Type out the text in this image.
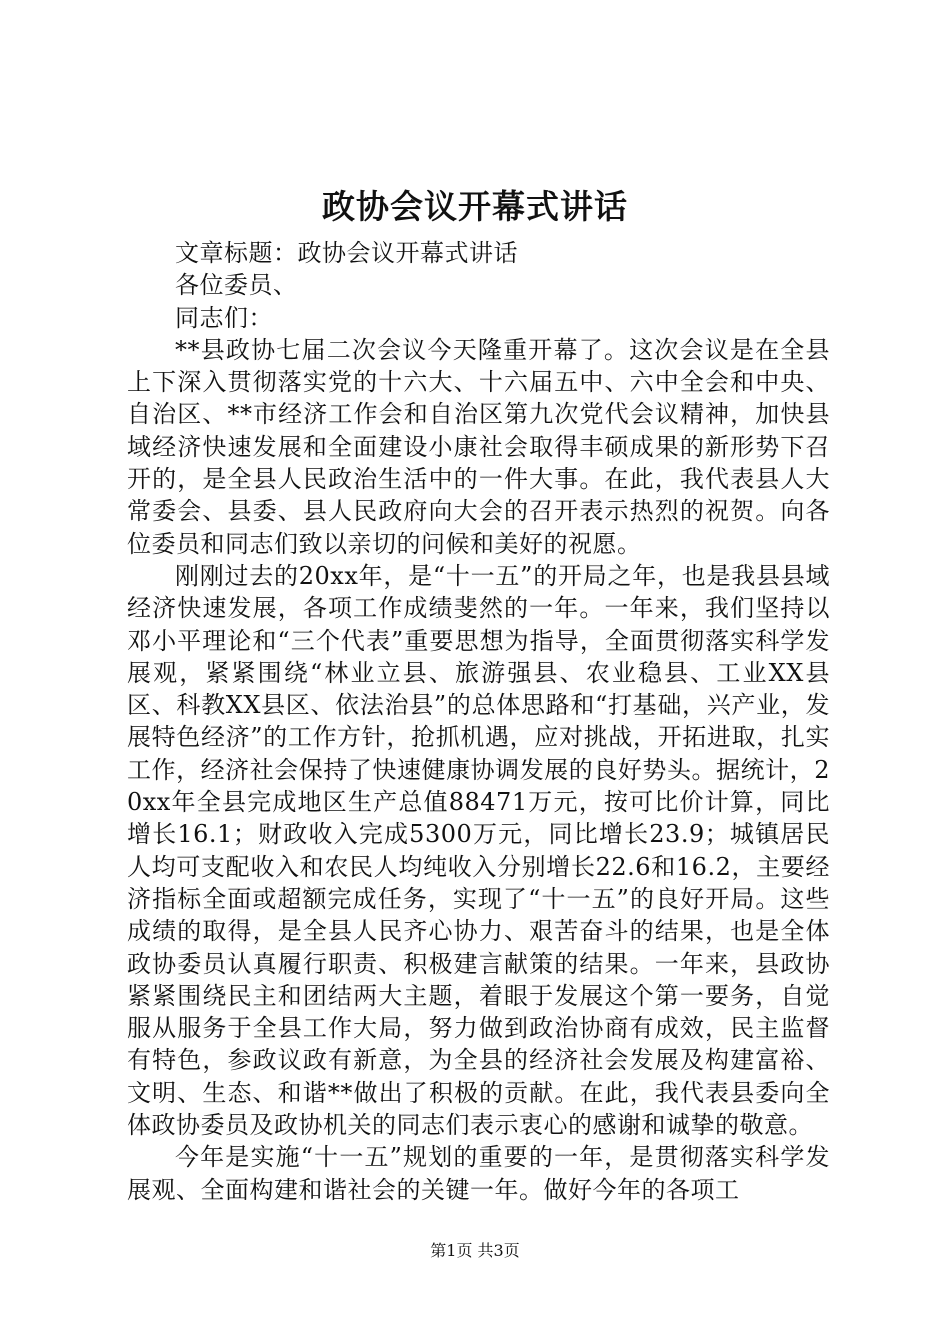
政协会议开幕式讲话

文章标题：政协会议开幕式讲话

各位委员、

同志们：

**县政协七届二次会议今天隆重开幕了。这次会议是在全县上下深入贯彻落实党的十六大、十六届五中、六中全会和中央、自治区、**市经济工作会和自治区第九次党代会议精神，加快县域经济快速发展和全面建设小康社会取得丰硕成果的新形势下召开的，是全县人民政治生活中的一件大事。在此，我代表县人大常委会、县委、县人民政府向大会的召开表示热烈的祝贺。向各位委员和同志们致以亲切的问候和美好的祝愿。

刚刚过去的20xx年，是“十一五”的开局之年，也是我县县域经济快速发展，各项工作成绩斐然的一年。一年来，我们坚持以邓小平理论和“三个代表”重要思想为指导，全面贯彻落实科学发展观，紧紧围绕“林业立县、旅游强县、农业稳县、工业XX县区、科教XX县区、依法治县”的总体思路和“打基础，兴产业，发展特色经济”的工作方针，抢抓机遇，应对挑战，开拓进取，扎实工作，经济社会保持了快速健康协调发展的良好势头。据统计，20xx年全县完成地区生产总值88471万元，按可比价计算，同比增长16.1；财政收入完成5300万元，同比增长23.9；城镇居民人均可支配收入和农民人均纯收入分别增长22.6和16.2，主要经济指标全面或超额完成任务，实现了“十一五”的良好开局。这些成绩的取得，是全县人民齐心协力、艰苦奋斗的结果，也是全体政协委员认真履行职责、积极建言献策的结果。一年来，县政协紧紧围绕民主和团结两大主题，着眼于发展这个第一要务，自觉服从服务于全县工作大局，努力做到政治协商有成效，民主监督有特色，参政议政有新意，为全县的经济社会发展及构建富裕、文明、生态、和谐**做出了积极的贡献。在此，我代表县委向全体政协委员及政协机关的同志们表示衷心的感谢和诚挚的敬意。

今年是实施“十一五”规划的重要的一年，是贯彻落实科学发展观、全面构建和谐社会的关键一年。做好今年的各项工

第1页 共3页
